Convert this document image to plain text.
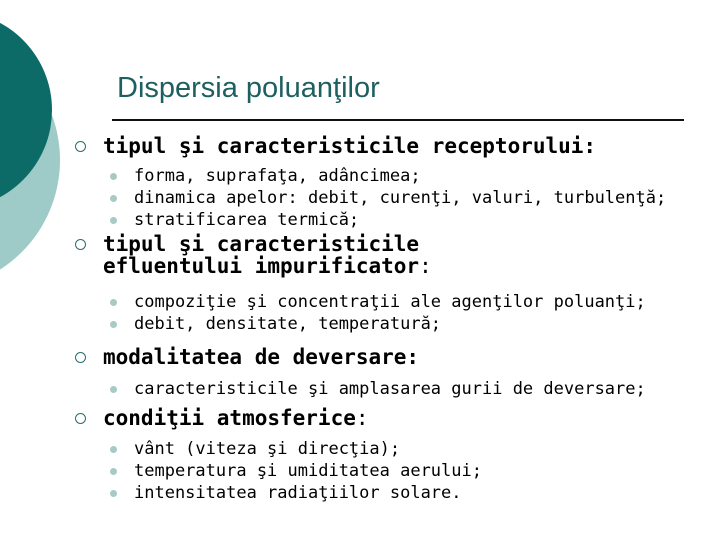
Dispersia poluanţilor
tipul şi caracteristicile receptorului:
forma, suprafaţa, adâncimea;
dinamica apelor: debit, curenţi, valuri, turbulenţă;
stratificarea termică;
tipul şi caracteristicile efluentului impurificator:
compoziţie şi concentraţii ale agenţilor poluanţi;
debit, densitate, temperatură;
modalitatea de deversare:
caracteristicile şi amplasarea gurii de deversare;
condiţii atmosferice:
vânt (viteza şi direcţia);
temperatura şi umiditatea aerului;
intensitatea radiaţiilor solare.
